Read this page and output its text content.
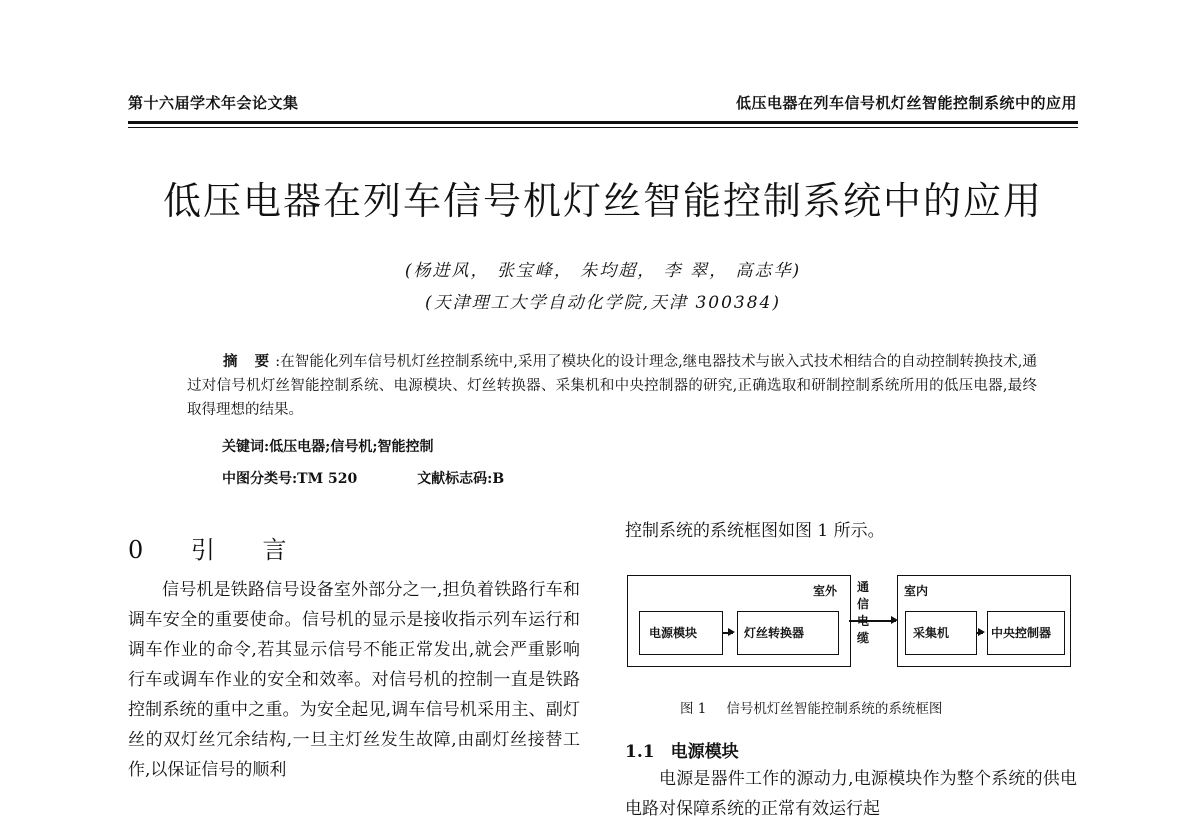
第十六届学术年会论文集	低压电器在列车信号机灯丝智能控制系统中的应用
低压电器在列车信号机灯丝智能控制系统中的应用
(杨进风， 张宝峰， 朱均超， 李 翠， 高志华)
(天津理工大学自动化学院,天津 300384)
摘 要:在智能化列车信号机灯丝控制系统中,采用了模块化的设计理念,继电器技术与嵌入式技术相结合的自动控制转换技术,通过对信号机灯丝智能控制系统、电源模块、灯丝转换器、采集机和中央控制器的研究,正确选取和研制控制系统所用的低压电器,最终取得理想的结果。
关键词:低压电器;信号机;智能控制
中图分类号:TM 520	文献标志码:B
0 引 言
信号机是铁路信号设备室外部分之一,担负着铁路行车和调车安全的重要使命。信号机的显示是接收指示列车运行和调车作业的命令,若其显示信号不能正常发出,就会严重影响行车或调车作业的安全和效率。对信号机的控制一直是铁路控制系统的重中之重。为安全起见,调车信号机采用主、副灯丝的双灯丝冗余结构,一旦主灯丝发生故障,由副灯丝接替工作,以保证信号的顺利
控制系统的系统框图如图 1 所示。
室外	室内
通
信
缆
电源模块	灯丝转换器	采集机	中央控制器
图 1 信号机灯丝智能控制系统的系统框图
1.1 电源模块
电源是器件工作的源动力,电源模块作为整个系统的供电电路对保障系统的正常有效运行起
